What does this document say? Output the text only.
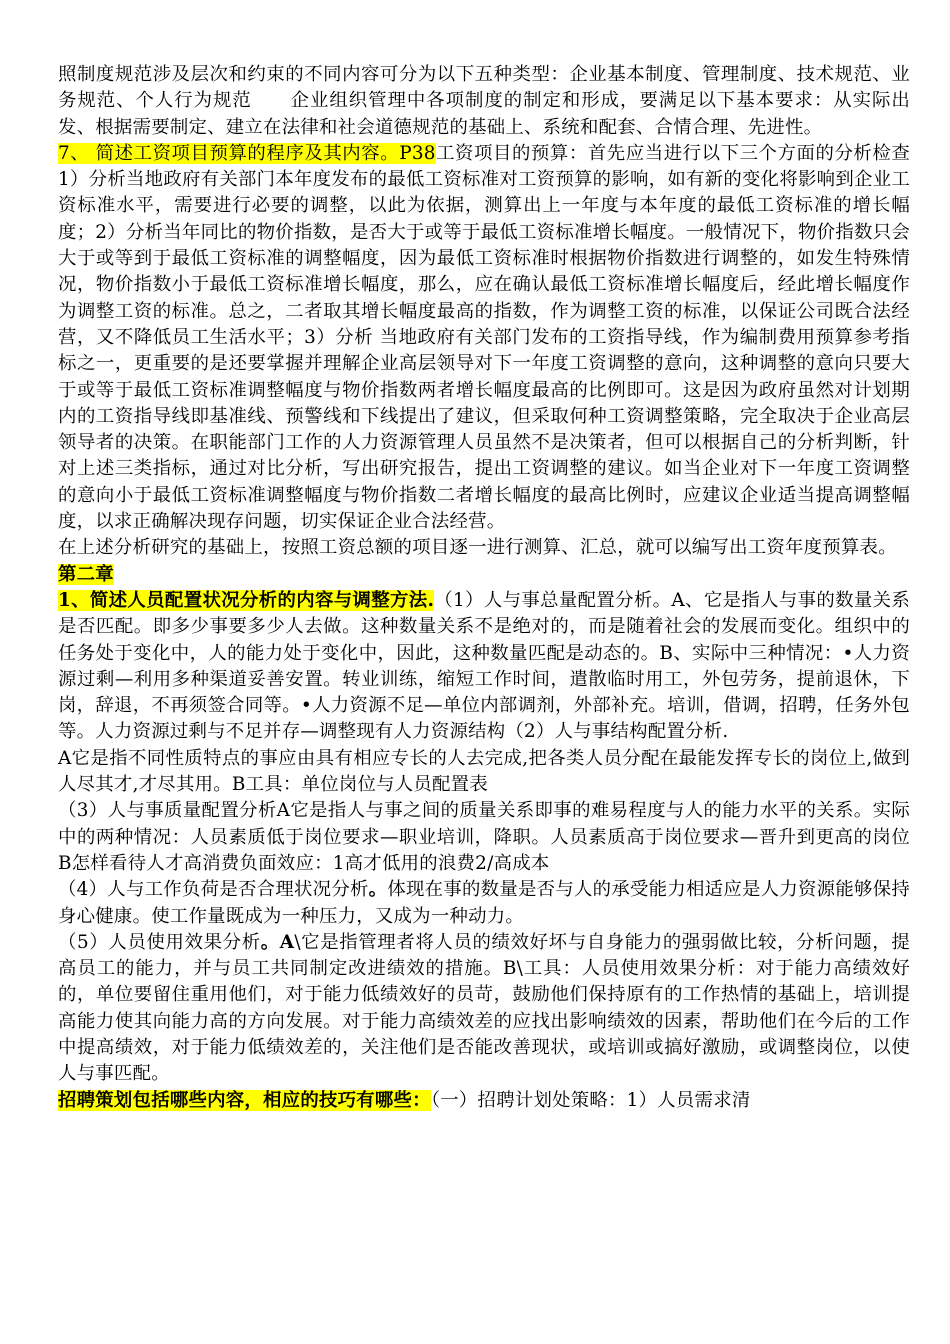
照制度规范涉及层次和约束的不同内容可分为以下五种类型：企业基本制度、管理制度、技术规范、业务规范、个人行为规范　　企业组织管理中各项制度的制定和形成，要满足以下基本要求：从实际出发、根据需要制定、建立在法律和社会道德规范的基础上、系统和配套、合情合理、先进性。

7、 简述工资项目预算的程序及其内容。P38工资项目的预算：首先应当进行以下三个方面的分析检查1）分析当地政府有关部门本年度发布的最低工资标准对工资预算的影响，如有新的变化将影响到企业工资标准水平，需要进行必要的调整，以此为依据，测算出上一年度与本年度的最低工资标准的增长幅度；2）分析当年同比的物价指数，是否大于或等于最低工资标准增长幅度。一般情况下，物价指数只会大于或等到于最低工资标准的调整幅度，因为最低工资标准时根据物价指数进行调整的，如发生特殊情况，物价指数小于最低工资标准增长幅度，那么，应在确认最低工资标准增长幅度后，经此增长幅度作为调整工资的标准。总之，二者取其增长幅度最高的指数，作为调整工资的标准，以保证公司既合法经营，又不降低员工生活水平；3）分析 当地政府有关部门发布的工资指导线，作为编制费用预算参考指标之一，更重要的是还要掌握并理解企业高层领导对下一年度工资调整的意向，这种调整的意向只要大于或等于最低工资标准调整幅度与物价指数两者增长幅度最高的比例即可。这是因为政府虽然对计划期内的工资指导线即基准线、预警线和下线提出了建议，但采取何种工资调整策略，完全取决于企业高层领导者的决策。在职能部门工作的人力资源管理人员虽然不是决策者，但可以根据自己的分析判断，针对上述三类指标，通过对比分析，写出研究报告，提出工资调整的建议。如当企业对下一年度工资调整的意向小于最低工资标准调整幅度与物价指数二者增长幅度的最高比例时，应建议企业适当提高调整幅度，以求正确解决现存问题，切实保证企业合法经营。

在上述分析研究的基础上，按照工资总额的项目逐一进行测算、汇总，就可以编写出工资年度预算表。

第二章

1、简述人员配置状况分析的内容与调整方法.（1）人与事总量配置分析。A、它是指人与事的数量关系是否匹配。即多少事要多少人去做。这种数量关系不是绝对的，而是随着社会的发展而变化。组织中的任务处于变化中，人的能力处于变化中，因此，这种数量匹配是动态的。B、实际中三种情况：•人力资源过剩—利用多种渠道妥善安置。转业训练，缩短工作时间，遣散临时用工，外包劳务，提前退休，下岗，辞退，不再须签合同等。•人力资源不足—单位内部调剂，外部补充。培训，借调，招聘，任务外包等。人力资源过剩与不足并存—调整现有人力资源结构（2）人与事结构配置分析.

A它是指不同性质特点的事应由具有相应专长的人去完成,把各类人员分配在最能发挥专长的岗位上,做到人尽其才,才尽其用。B工具：单位岗位与人员配置表

（3）人与事质量配置分析A它是指人与事之间的质量关系即事的难易程度与人的能力水平的关系。实际中的两种情况：人员素质低于岗位要求—职业培训，降职。人员素质高于岗位要求—晋升到更高的岗位B怎样看待人才高消费负面效应：1高才低用的浪费2/高成本

（4）人与工作负荷是否合理状况分析。体现在事的数量是否与人的承受能力相适应是人力资源能够保持身心健康。使工作量既成为一种压力，又成为一种动力。

（5）人员使用效果分析。A\它是指管理者将人员的绩效好坏与自身能力的强弱做比较，分析问题，提高员工的能力，并与员工共同制定改进绩效的措施。B\工具：人员使用效果分析：对于能力高绩效好的，单位要留住重用他们，对于能力低绩效好的员苛，鼓励他们保持原有的工作热情的基础上，培训提高能力使其向能力高的方向发展。对于能力高绩效差的应找出影响绩效的因素，帮助他们在今后的工作中提高绩效，对于能力低绩效差的，关注他们是否能改善现状，或培训或搞好激励，或调整岗位，以使人与事匹配。

招聘策划包括哪些内容，相应的技巧有哪些：（一）招聘计划处策略：1）人员需求清
